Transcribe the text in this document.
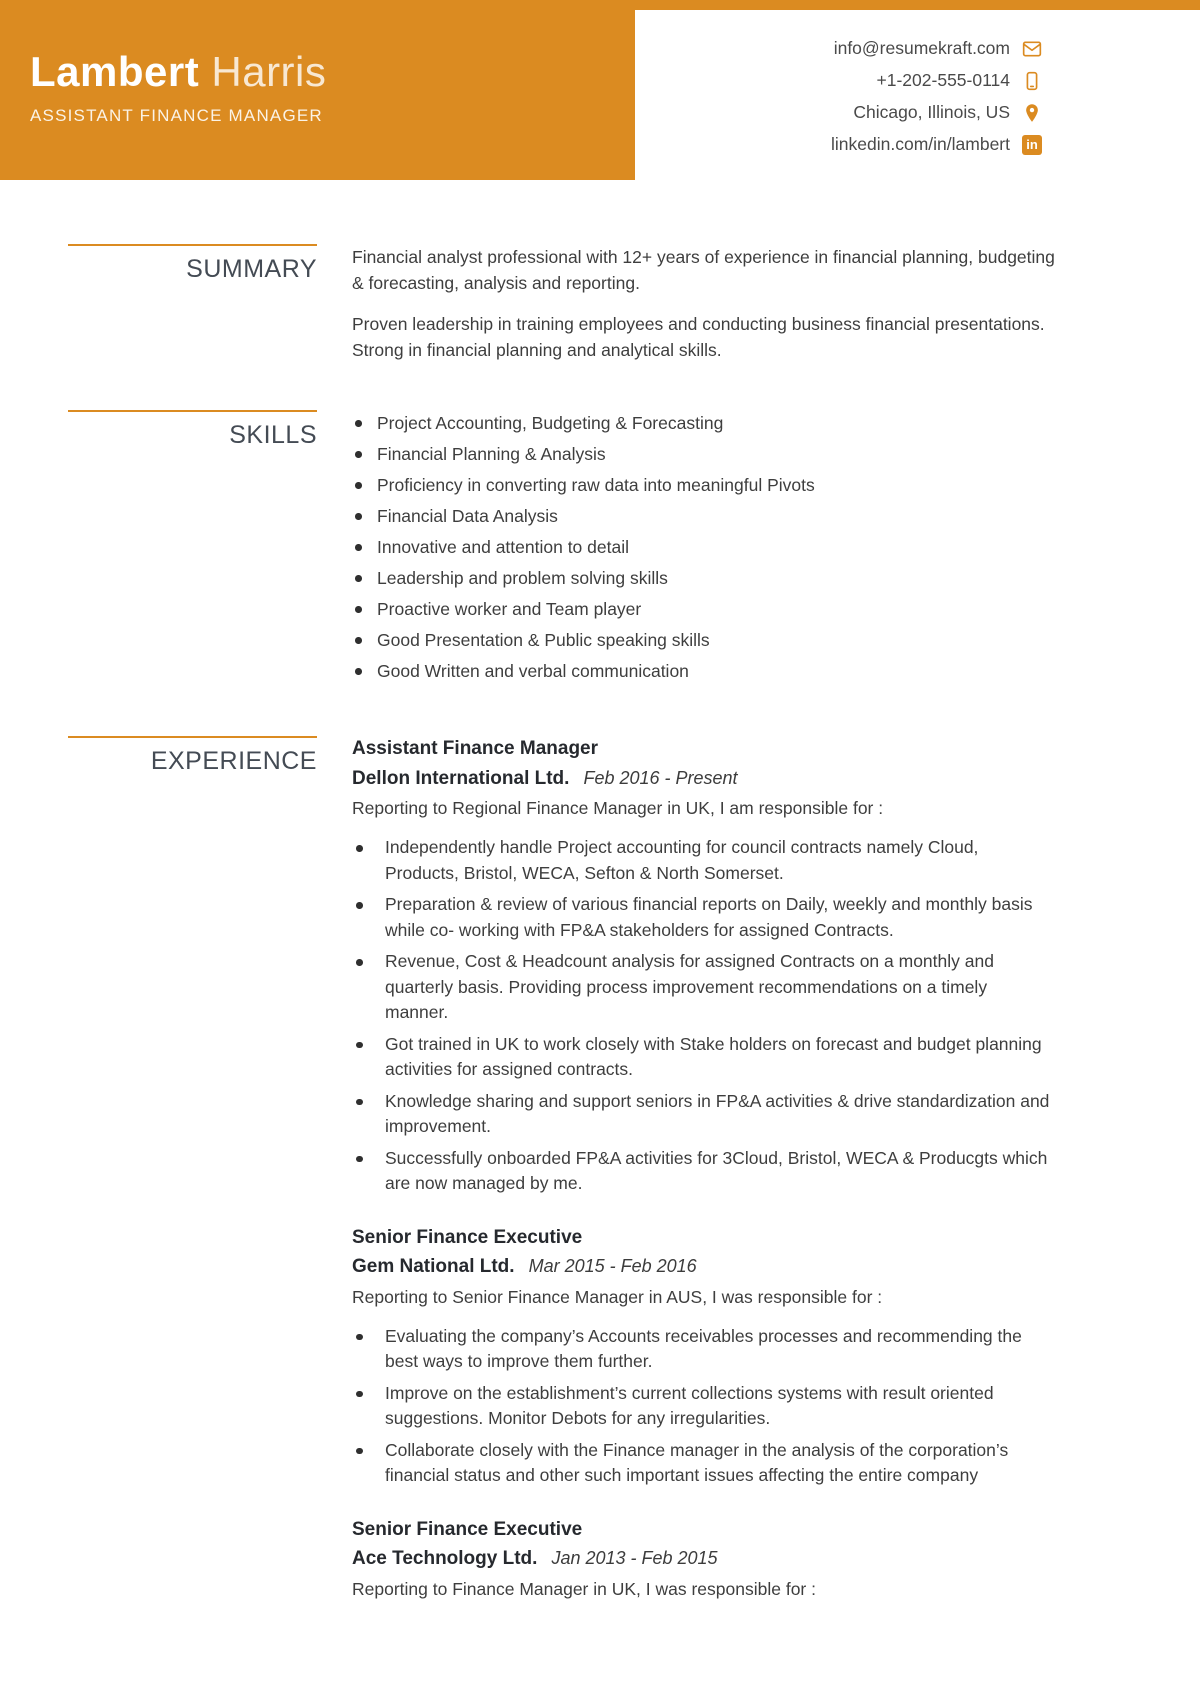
Lambert Harris
ASSISTANT FINANCE MANAGER
info@resumekraft.com
+1-202-555-0114
Chicago, Illinois, US
linkedin.com/in/lambert
in
SUMMARY Financial analyst professional with 12+ years of experience in financial planning, budgeting & forecasting, analysis and reporting.

Proven leadership in training employees and conducting business financial presentations. Strong in financial planning and analytical skills.

SKILLS	Project Accounting, Budgeting & Forecasting
Financial Planning & Analysis
Proficiency in converting raw data into meaningful Pivots
Financial Data Analysis
Innovative and attention to detail
Leadership and problem solving skills
Proactive worker and Team player
Good Presentation & Public speaking skills
Good Written and verbal communication
EXPERIENCE Assistant Finance Manager
Dellon International Ltd. Feb 2016 - Present

Reporting to Regional Finance Manager in UK, I am responsible for :

Independently handle Project accounting for council contracts namely Cloud, Products, Bristol, WECA, Sefton & North Somerset.
Preparation & review of various financial reports on Daily, weekly and monthly basis while co- working with FP&A stakeholders for assigned Contracts.
Revenue, Cost & Headcount analysis for assigned Contracts on a monthly and quarterly basis. Providing process improvement recommendations on a timely manner.
Got trained in UK to work closely with Stake holders on forecast and budget planning activities for assigned contracts.
Knowledge sharing and support seniors in FP&A activities & drive standardization and improvement.
Successfully onboarded FP&A activities for 3Cloud, Bristol, WECA & Producgts which are now managed by me.
Senior Finance Executive
Gem National Ltd. Mar 2015 - Feb 2016

Reporting to Senior Finance Manager in AUS, I was responsible for :

Evaluating the company’s Accounts receivables processes and recommending the best ways to improve them further.
Improve on the establishment’s current collections systems with result oriented suggestions. Monitor Debots for any irregularities.
Collaborate closely with the Finance manager in the analysis of the corporation’s financial status and other such important issues affecting the entire company
Senior Finance Executive
Ace Technology Ltd. Jan 2013 - Feb 2015

Reporting to Finance Manager in UK, I was responsible for :
